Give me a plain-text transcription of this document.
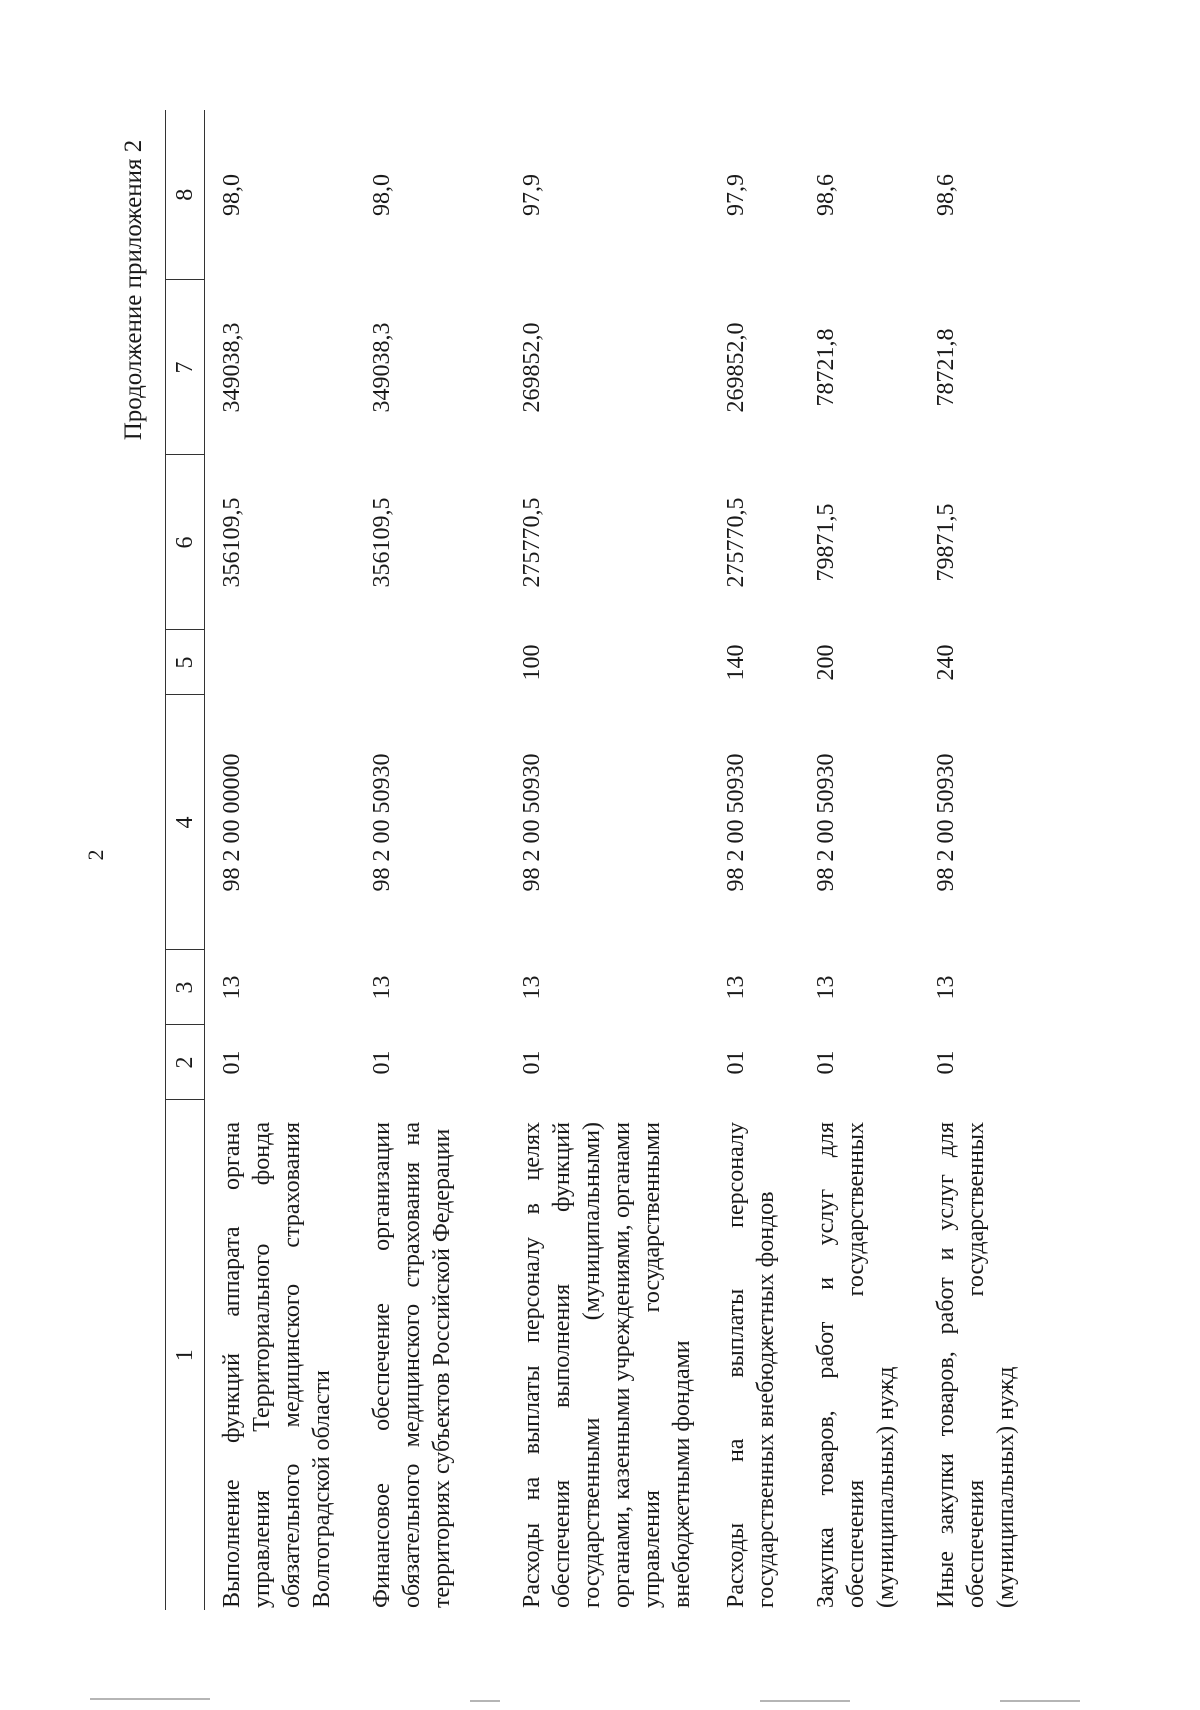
2
Продолжение приложения 2
1	2	3	4	5	6	7	8
Выполнение функций аппарата органа управления Территориального фонда обязательного медицинского страхования Волгоградской области	01	13	98 2 00 00000		356109,5	349038,3	98,0
Финансовое обеспечение организации обязательного медицинского страхования на территориях субъектов Российской Федерации	01	13	98 2 00 50930		356109,5	349038,3	98,0
Расходы на выплаты персоналу в целях обеспечения выполнения функций государственными (муниципальными) органами, казенными учреждениями, органами управления государственными внебюджетными фондами	01	13	98 2 00 50930	100	275770,5	269852,0	97,9
Расходы на выплаты персоналу государственных внебюджетных фондов	01	13	98 2 00 50930	140	275770,5	269852,0	97,9
Закупка товаров, работ и услуг для обеспечения государственных (муниципальных) нужд	01	13	98 2 00 50930	200	79871,5	78721,8	98,6
Иные закупки товаров, работ и услуг для обеспечения государственных (муниципальных) нужд	01	13	98 2 00 50930	240	79871,5	78721,8	98,6
